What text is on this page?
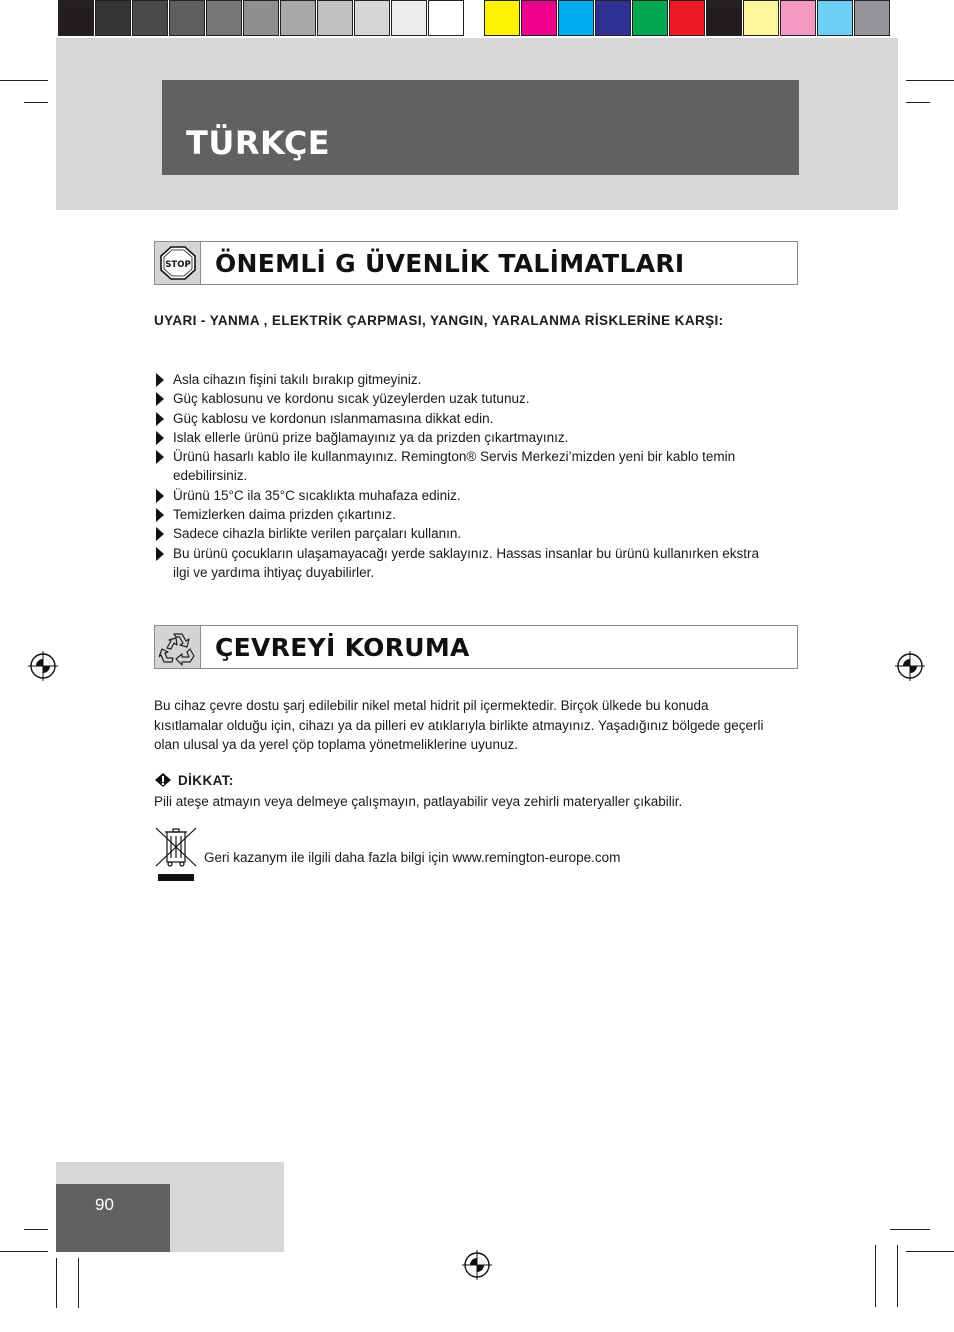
TÜRKÇE
STOP ÖNEMLİ G ÜVENLİK TALİMATLARI
UYARI - YANMA , ELEKTRİK ÇARPMASI, YANGIN, YARALANMA RİSKLERİNE KARŞI:
Asla cihazın fişini takılı bırakıp gitmeyiniz.
Güç kablosunu ve kordonu sıcak yüzeylerden uzak tutunuz.
Güç kablosu ve kordonun ıslanmamasına dikkat edin.
Islak ellerle ürünü prize bağlamayınız ya da prizden çıkartmayınız.
Ürünü hasarlı kablo ile kullanmayınız. Remington® Servis Merkezi’mizden yeni bir kablo temin edebilirsiniz.
Ürünü 15°C ila 35°C sıcaklıkta muhafaza ediniz.
Temizlerken daima prizden çıkartınız.
Sadece cihazla birlikte verilen parçaları kullanın.
Bu ürünü çocukların ulaşamayacağı yerde saklayınız. Hassas insanlar bu ürünü kullanırken ekstra ilgi ve yardıma ihtiyaç duyabilirler.
ÇEVREYİ KORUMA
Bu cihaz çevre dostu şarj edilebilir nikel metal hidrit pil içermektedir. Birçok ülkede bu konuda kısıtlamalar olduğu için, cihazı ya da pilleri ev atıklarıyla birlikte atmayınız. Yaşadığınız bölgede geçerli olan ulusal ya da yerel çöp toplama yönetmeliklerine uyunuz.
DİKKAT:
Pili ateşe atmayın veya delmeye çalışmayın, patlayabilir veya zehirli materyaller çıkabilir.
Geri kazanym ile ilgili daha fazla bilgi için www.remington-europe.com
90
